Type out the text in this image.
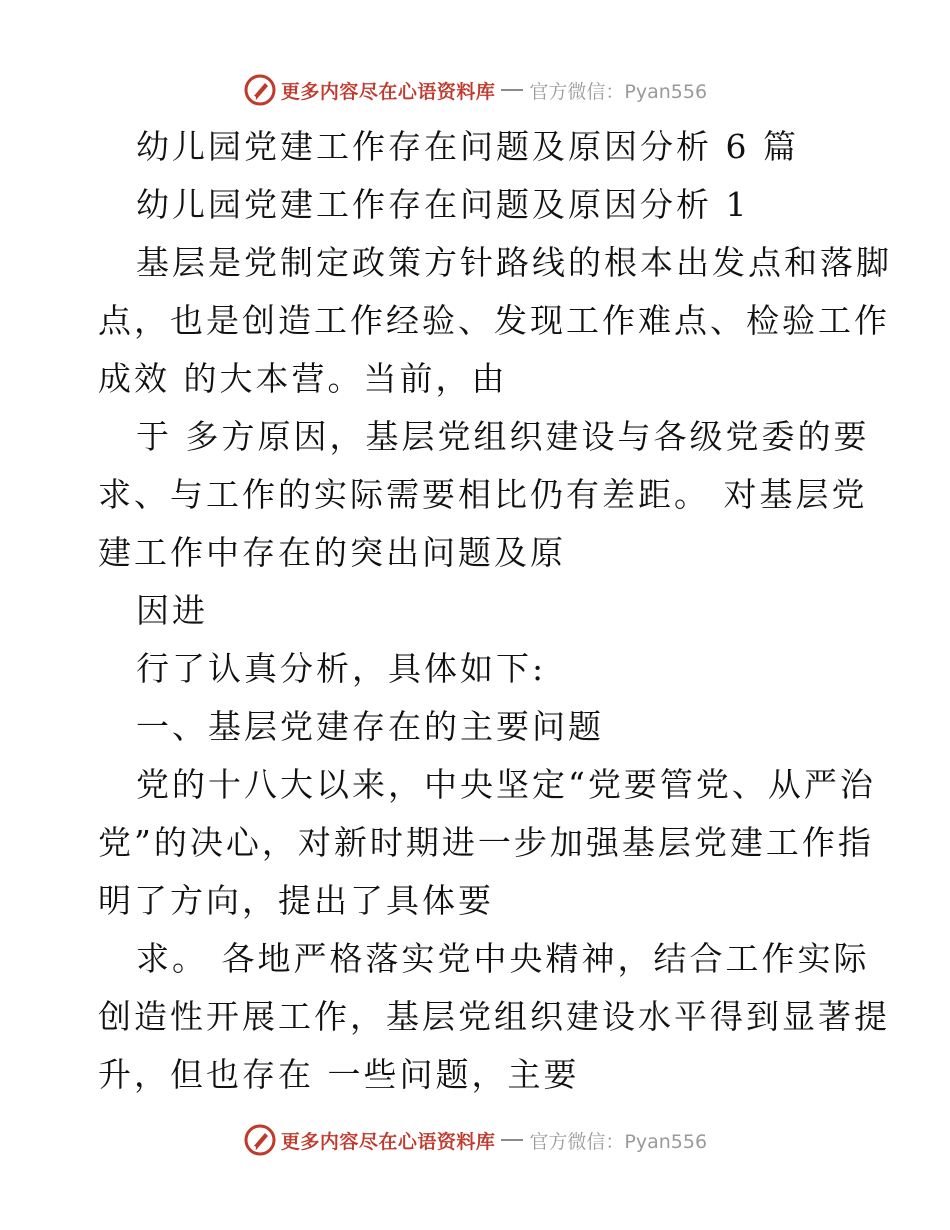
更多内容尽在心语资料库 官方微信：Pyan556
幼儿园党建工作存在问题及原因分析 6 篇
幼儿园党建工作存在问题及原因分析 1
基层是党制定政策方针路线的根本出发点和落脚
点，也是创造工作经验、发现工作难点、检验工作
成效 的大本营。当前，由
于 多方原因，基层党组织建设与各级党委的要
求、与工作的实际需要相比仍有差距。 对基层党
建工作中存在的突出问题及原
因进
行了认真分析，具体如下:
一、基层党建存在的主要问题
党的十八大以来，中央坚定“党要管党、从严治
党”的决心，对新时期进一步加强基层党建工作指
明了方向，提出了具体要
求。 各地严格落实党中央精神，结合工作实际
创造性开展工作，基层党组织建设水平得到显著提
升，但也存在 一些问题，主要
更多内容尽在心语资料库 官方微信：Pyan556
